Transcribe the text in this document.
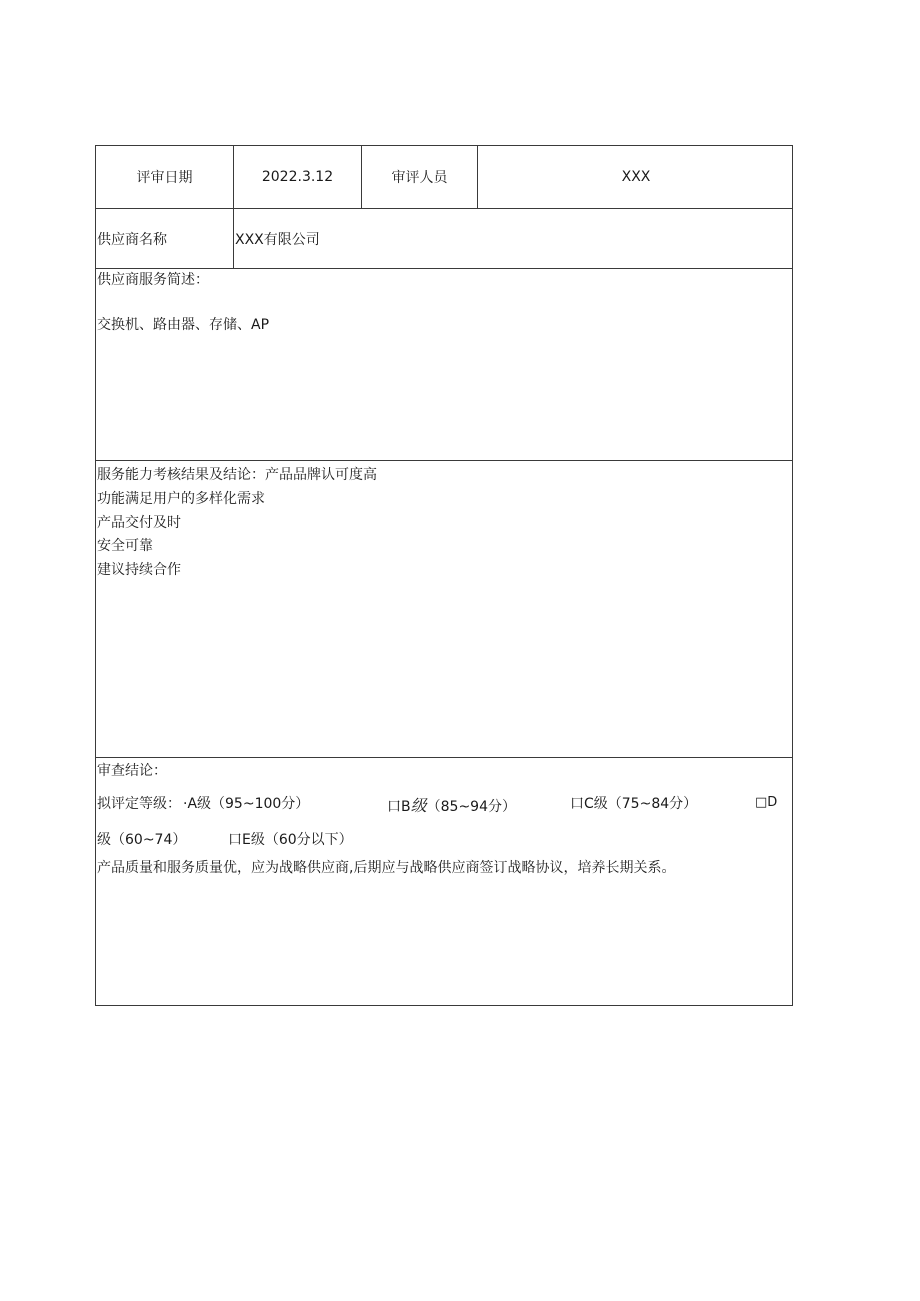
评审日期	2022.3.12	审评人员	XXX
供应商名称	XXX有限公司
供应商服务简述：
交换机、路由器、存储、AP
服务能力考核结果及结论：产品品牌认可度高
功能满足用户的多样化需求
产品交付及时
安全可靠
建议持续合作
审查结论：
拟评定等级： ·A级（95~100分）	口B级（85~94分）	口C级（75~84分）	□D
级（60~74）	口E级（60分以下）
产品质量和服务质量优，应为战略供应商,后期应与战略供应商签订战略协议，培养长期关系。
